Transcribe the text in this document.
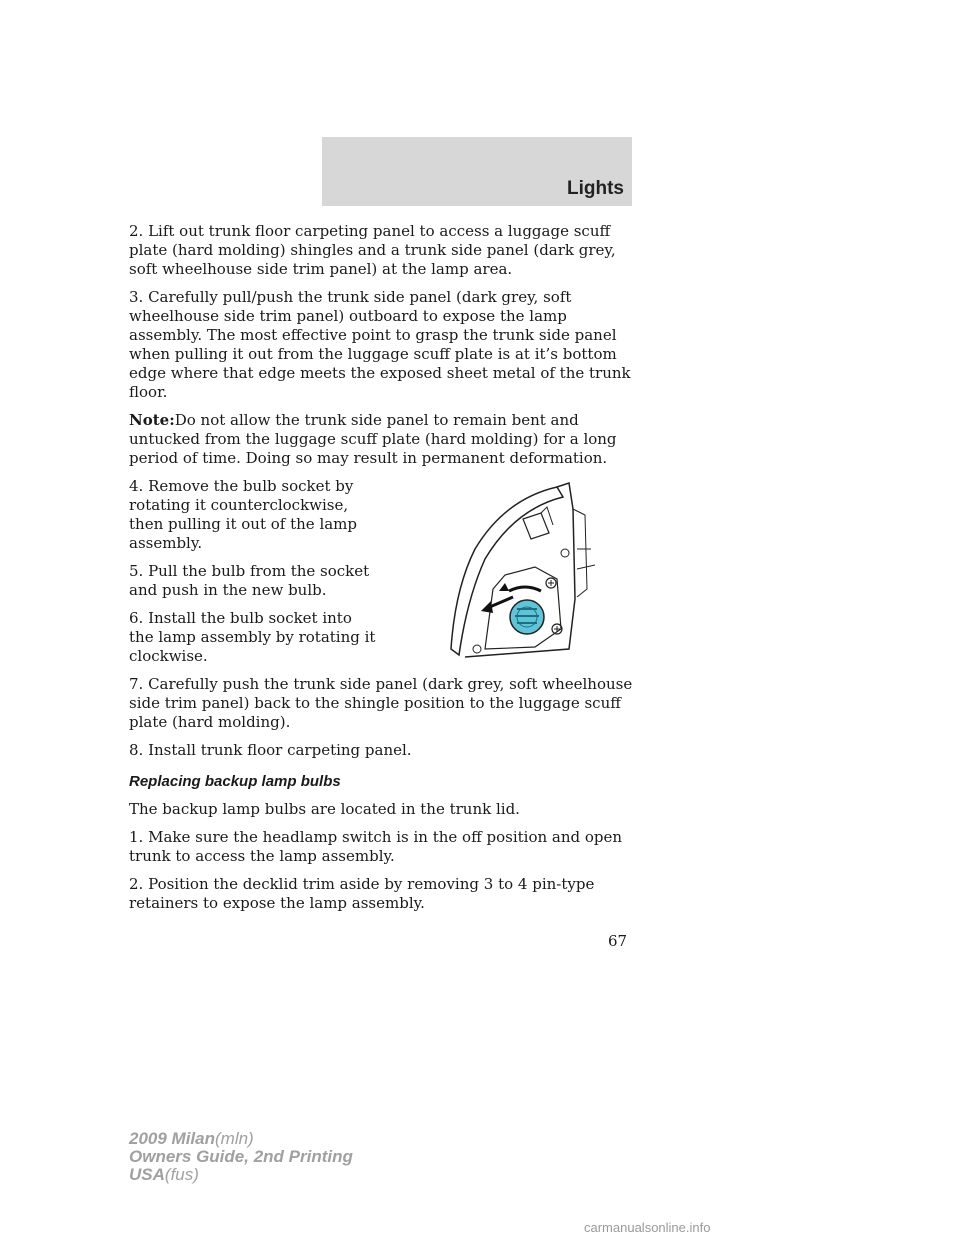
Lights

2. Lift out trunk floor carpeting panel to access a luggage scuff plate (hard molding) shingles and a trunk side panel (dark grey, soft wheelhouse side trim panel) at the lamp area.

3. Carefully pull/push the trunk side panel (dark grey, soft wheelhouse side trim panel) outboard to expose the lamp assembly. The most effective point to grasp the trunk side panel when pulling it out from the luggage scuff plate is at it’s bottom edge where that edge meets the exposed sheet metal of the trunk floor.

Note:Do not allow the trunk side panel to remain bent and untucked from the luggage scuff plate (hard molding) for a long period of time. Doing so may result in permanent deformation.

4. Remove the bulb socket by rotating it counterclockwise, then pulling it out of the lamp assembly.

5. Pull the bulb from the socket and push in the new bulb.

6. Install the bulb socket into the lamp assembly by rotating it clockwise.

7. Carefully push the trunk side panel (dark grey, soft wheelhouse side trim panel) back to the shingle position to the luggage scuff plate (hard molding).

8. Install trunk floor carpeting panel.

Replacing backup lamp bulbs

The backup lamp bulbs are located in the trunk lid.

1. Make sure the headlamp switch is in the off position and open trunk to access the lamp assembly.

2. Position the decklid trim aside by removing 3 to 4 pin-type retainers to expose the lamp assembly.

67
2009 Milan(mln)
Owners Guide, 2nd Printing
USA(fus)
carmanualsonline.info
